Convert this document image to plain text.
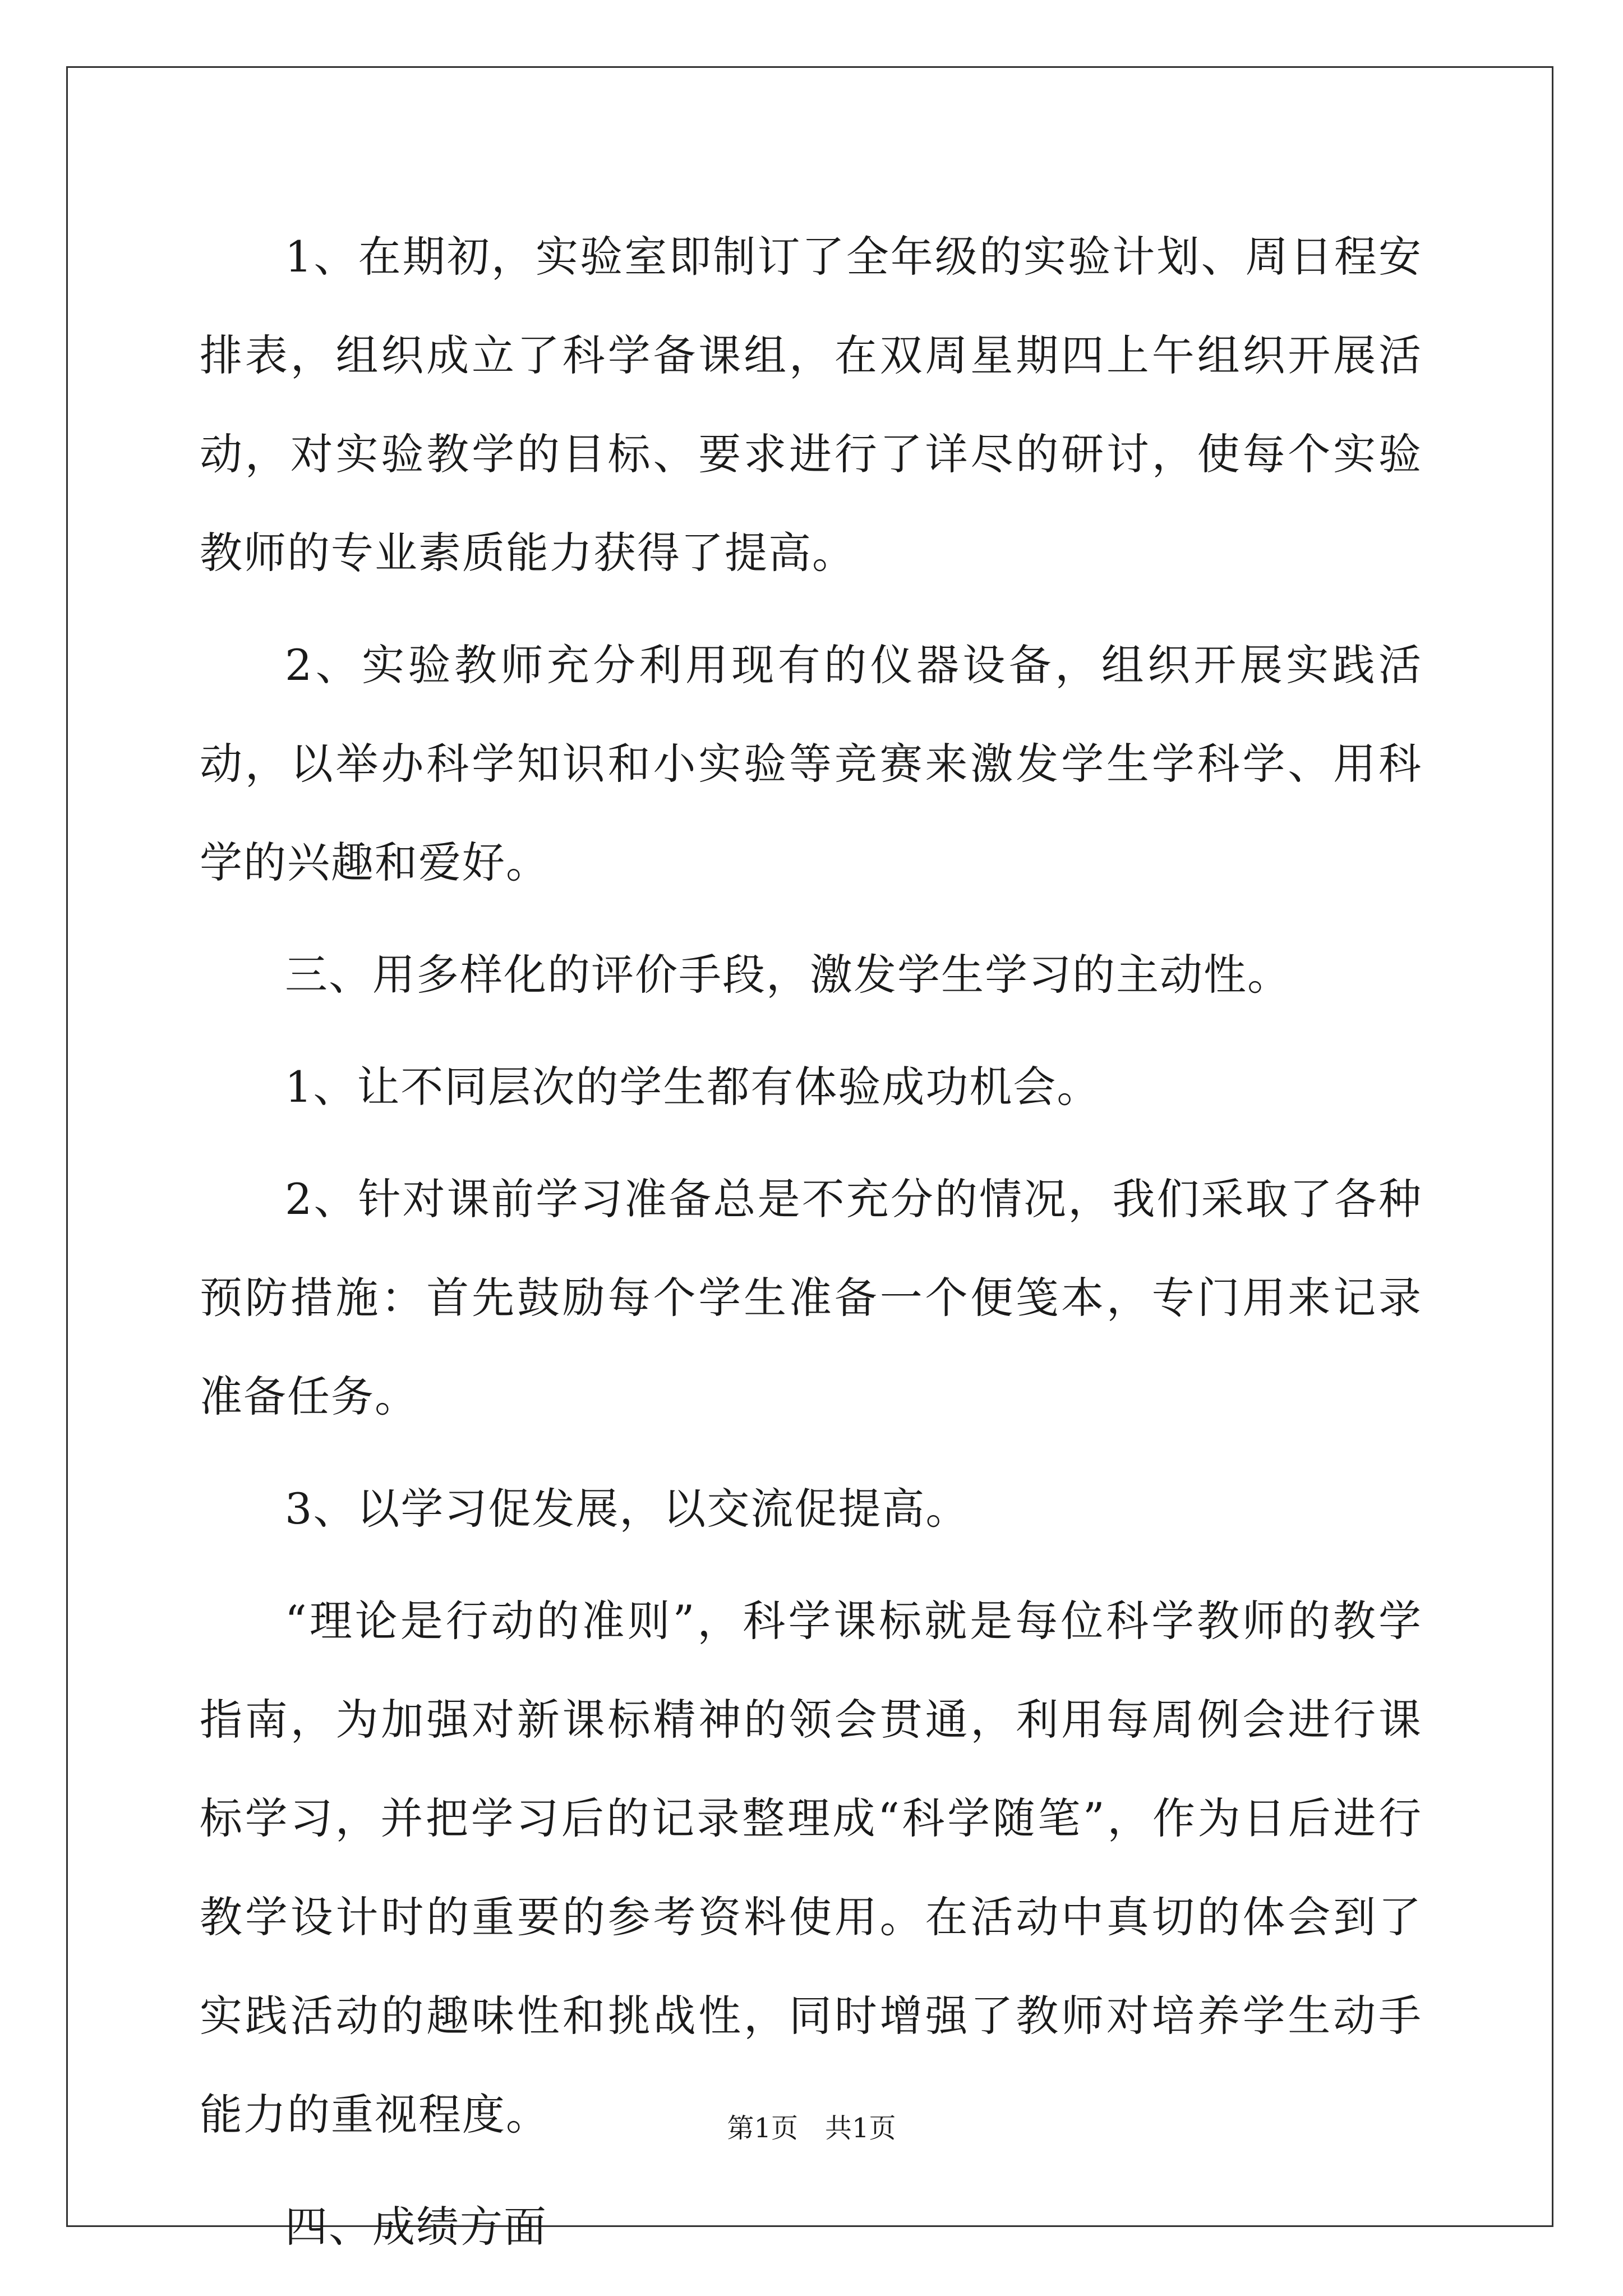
1、在期初，实验室即制订了全年级的实验计划、周日程安排表，组织成立了科学备课组，在双周星期四上午组织开展活动，对实验教学的目标、要求进行了详尽的研讨，使每个实验教师的专业素质能力获得了提高。

2、实验教师充分利用现有的仪器设备，组织开展实践活动，以举办科学知识和小实验等竞赛来激发学生学科学、用科学的兴趣和爱好。

三、用多样化的评价手段，激发学生学习的主动性。

1、让不同层次的学生都有体验成功机会。

2、针对课前学习准备总是不充分的情况，我们采取了各种预防措施：首先鼓励每个学生准备一个便笺本，专门用来记录准备任务。

3、以学习促发展，以交流促提高。

“理论是行动的准则”，科学课标就是每位科学教师的教学指南，为加强对新课标精神的领会贯通，利用每周例会进行课标学习，并把学习后的记录整理成“科学随笔”，作为日后进行教学设计时的重要的参考资料使用。在活动中真切的体会到了实践活动的趣味性和挑战性，同时增强了教师对培养学生动手能力的重视程度。

四、成绩方面

第1页 共1页
